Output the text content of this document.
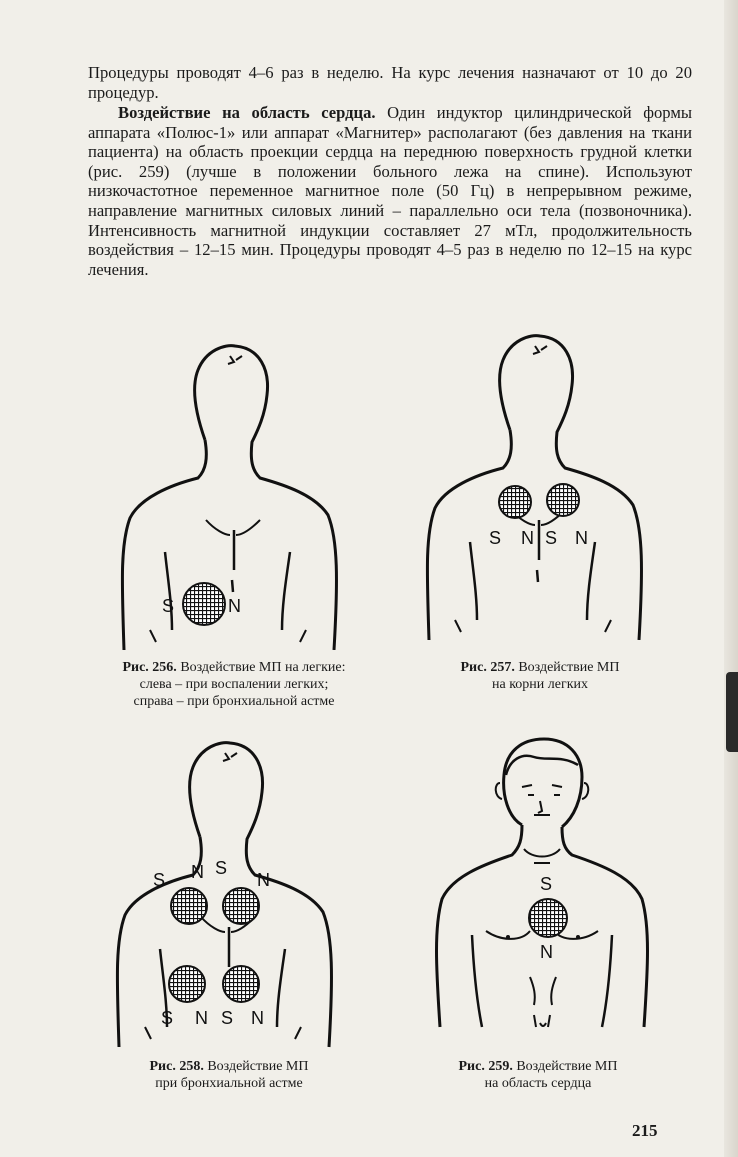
Процедуры проводят 4–6 раз в неделю. На курс лечения назначают от 10 до 20 процедур.

Воздействие на область сердца. Один индуктор цилиндрической формы аппарата «Полюс-1» или аппарат «Магнитер» располагают (без давления на ткани пациента) на область проекции сердца на переднюю поверхность грудной клетки (рис. 259) (лучше в положении больного лежа на спине). Используют низкочастотное переменное магнитное поле (50 Гц) в непрерывном режиме, направление магнитных силовых линий – параллельно оси тела (позвоночника). Интенсивность магнитной индукции составляет 27 мТл, продолжительность воздействия – 12–15 мин. Процедуры проводят 4–5 раз в неделю по 12–15 на курс лечения.

S	N
Рис. 256. Воздействие МП на легкие:
слева – при воспалении легких;
справа – при бронхиальной астме
S N S N
Рис. 257. Воздействие МП
на корни легких
S N S
N
S N S N
Рис. 258. Воздействие МП
при бронхиальной астме
S
N
Рис. 259. Воздействие МП
на область сердца
215
